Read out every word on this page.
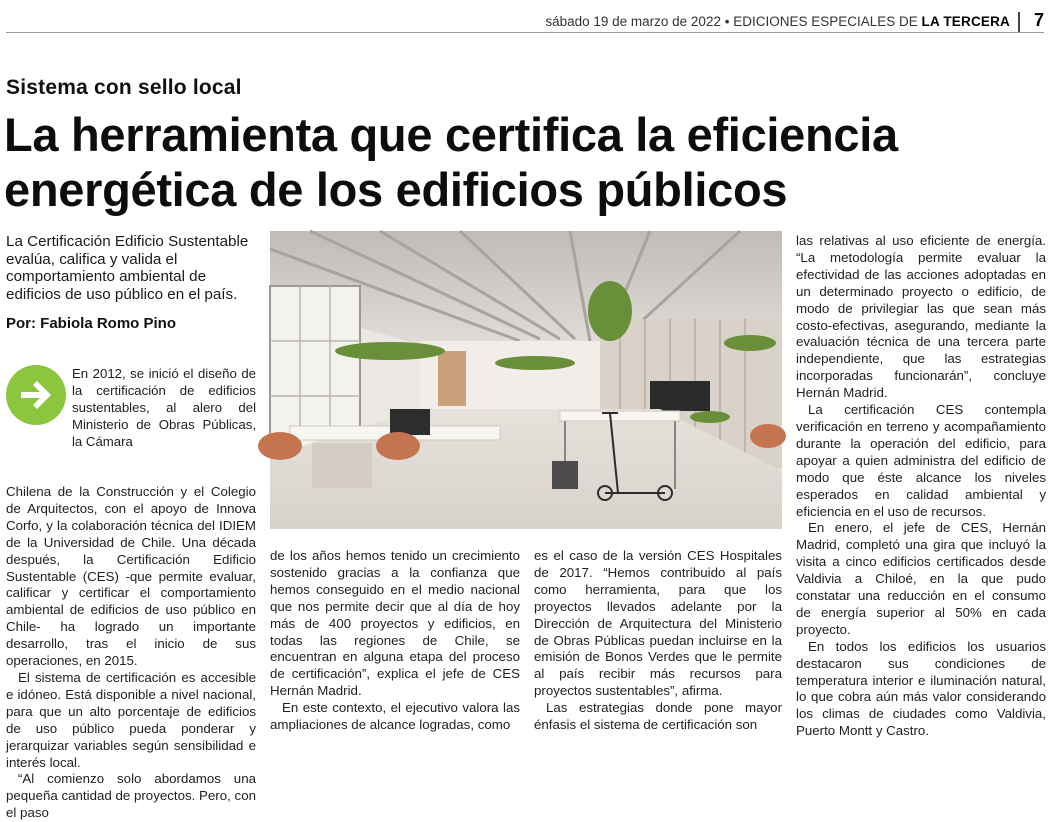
sábado 19 de marzo de 2022 • EDICIONES ESPECIALES DE LA TERCERA 7
Sistema con sello local
La herramienta que certifica la eficiencia
energética de los edificios públicos
La Certificación Edificio Sustentable evalúa, califica y valida el comportamiento ambiental de edificios de uso público en el país.
Por: Fabiola Romo Pino

En 2012, se inició el diseño de la certificación de edificios sustentables, al alero del Ministerio de Obras Públicas, la Cámara

Chilena de la Construcción y el Colegio de Arquitectos, con el apoyo de Innova Corfo, y la colaboración técnica del IDIEM de la Universidad de Chile. Una década después, la Certificación Edificio Sustentable (CES) -que permite evaluar, calificar y certificar el comportamiento ambiental de edificios de uso público en Chile- ha logrado un importante desarrollo, tras el inicio de sus operaciones, en 2015.

El sistema de certificación es accesible e idóneo. Está disponible a nivel nacional, para que un alto porcentaje de edificios de uso público pueda ponderar y jerarquizar variables según sensibilidad e interés local.

“Al comienzo solo abordamos una pequeña cantidad de proyectos. Pero, con el paso

de los años hemos tenido un crecimiento sostenido gracias a la confianza que hemos conseguido en el medio nacional que nos permite decir que al día de hoy más de 400 proyectos y edificios, en todas las regiones de Chile, se encuentran en alguna etapa del proceso de certificación”, explica el jefe de CES Hernán Madrid.

En este contexto, el ejecutivo valora las ampliaciones de alcance logradas, como

es el caso de la versión CES Hospitales de 2017. “Hemos contribuido al país como herramienta, para que los proyectos llevados adelante por la Dirección de Arquitectura del Ministerio de Obras Públicas puedan incluirse en la emisión de Bonos Verdes que le permite al país recibir más recursos para proyectos sustentables”, afirma.

Las estrategias donde pone mayor énfasis el sistema de certificación son

las relativas al uso eficiente de energía. “La metodología permite evaluar la efectividad de las acciones adoptadas en un determinado proyecto o edificio, de modo de privilegiar las que sean más costo-efectivas, asegurando, mediante la evaluación técnica de una tercera parte independiente, que las estrategias incorporadas funcionarán”, concluye Hernán Madrid.

La certificación CES contempla verificación en terreno y acompañamiento durante la operación del edificio, para apoyar a quien administra del edificio de modo que éste alcance los niveles esperados en calidad ambiental y eficiencia en el uso de recursos.

En enero, el jefe de CES, Hernán Madrid, completó una gira que incluyó la visita a cinco edificios certificados desde Valdivia a Chiloé, en la que pudo constatar una reducción en el consumo de energía superior al 50% en cada proyecto.

En todos los edificios los usuarios destacaron sus condiciones de temperatura interior e iluminación natural, lo que cobra aún más valor considerando los climas de ciudades como Valdivia, Puerto Montt y Castro.
